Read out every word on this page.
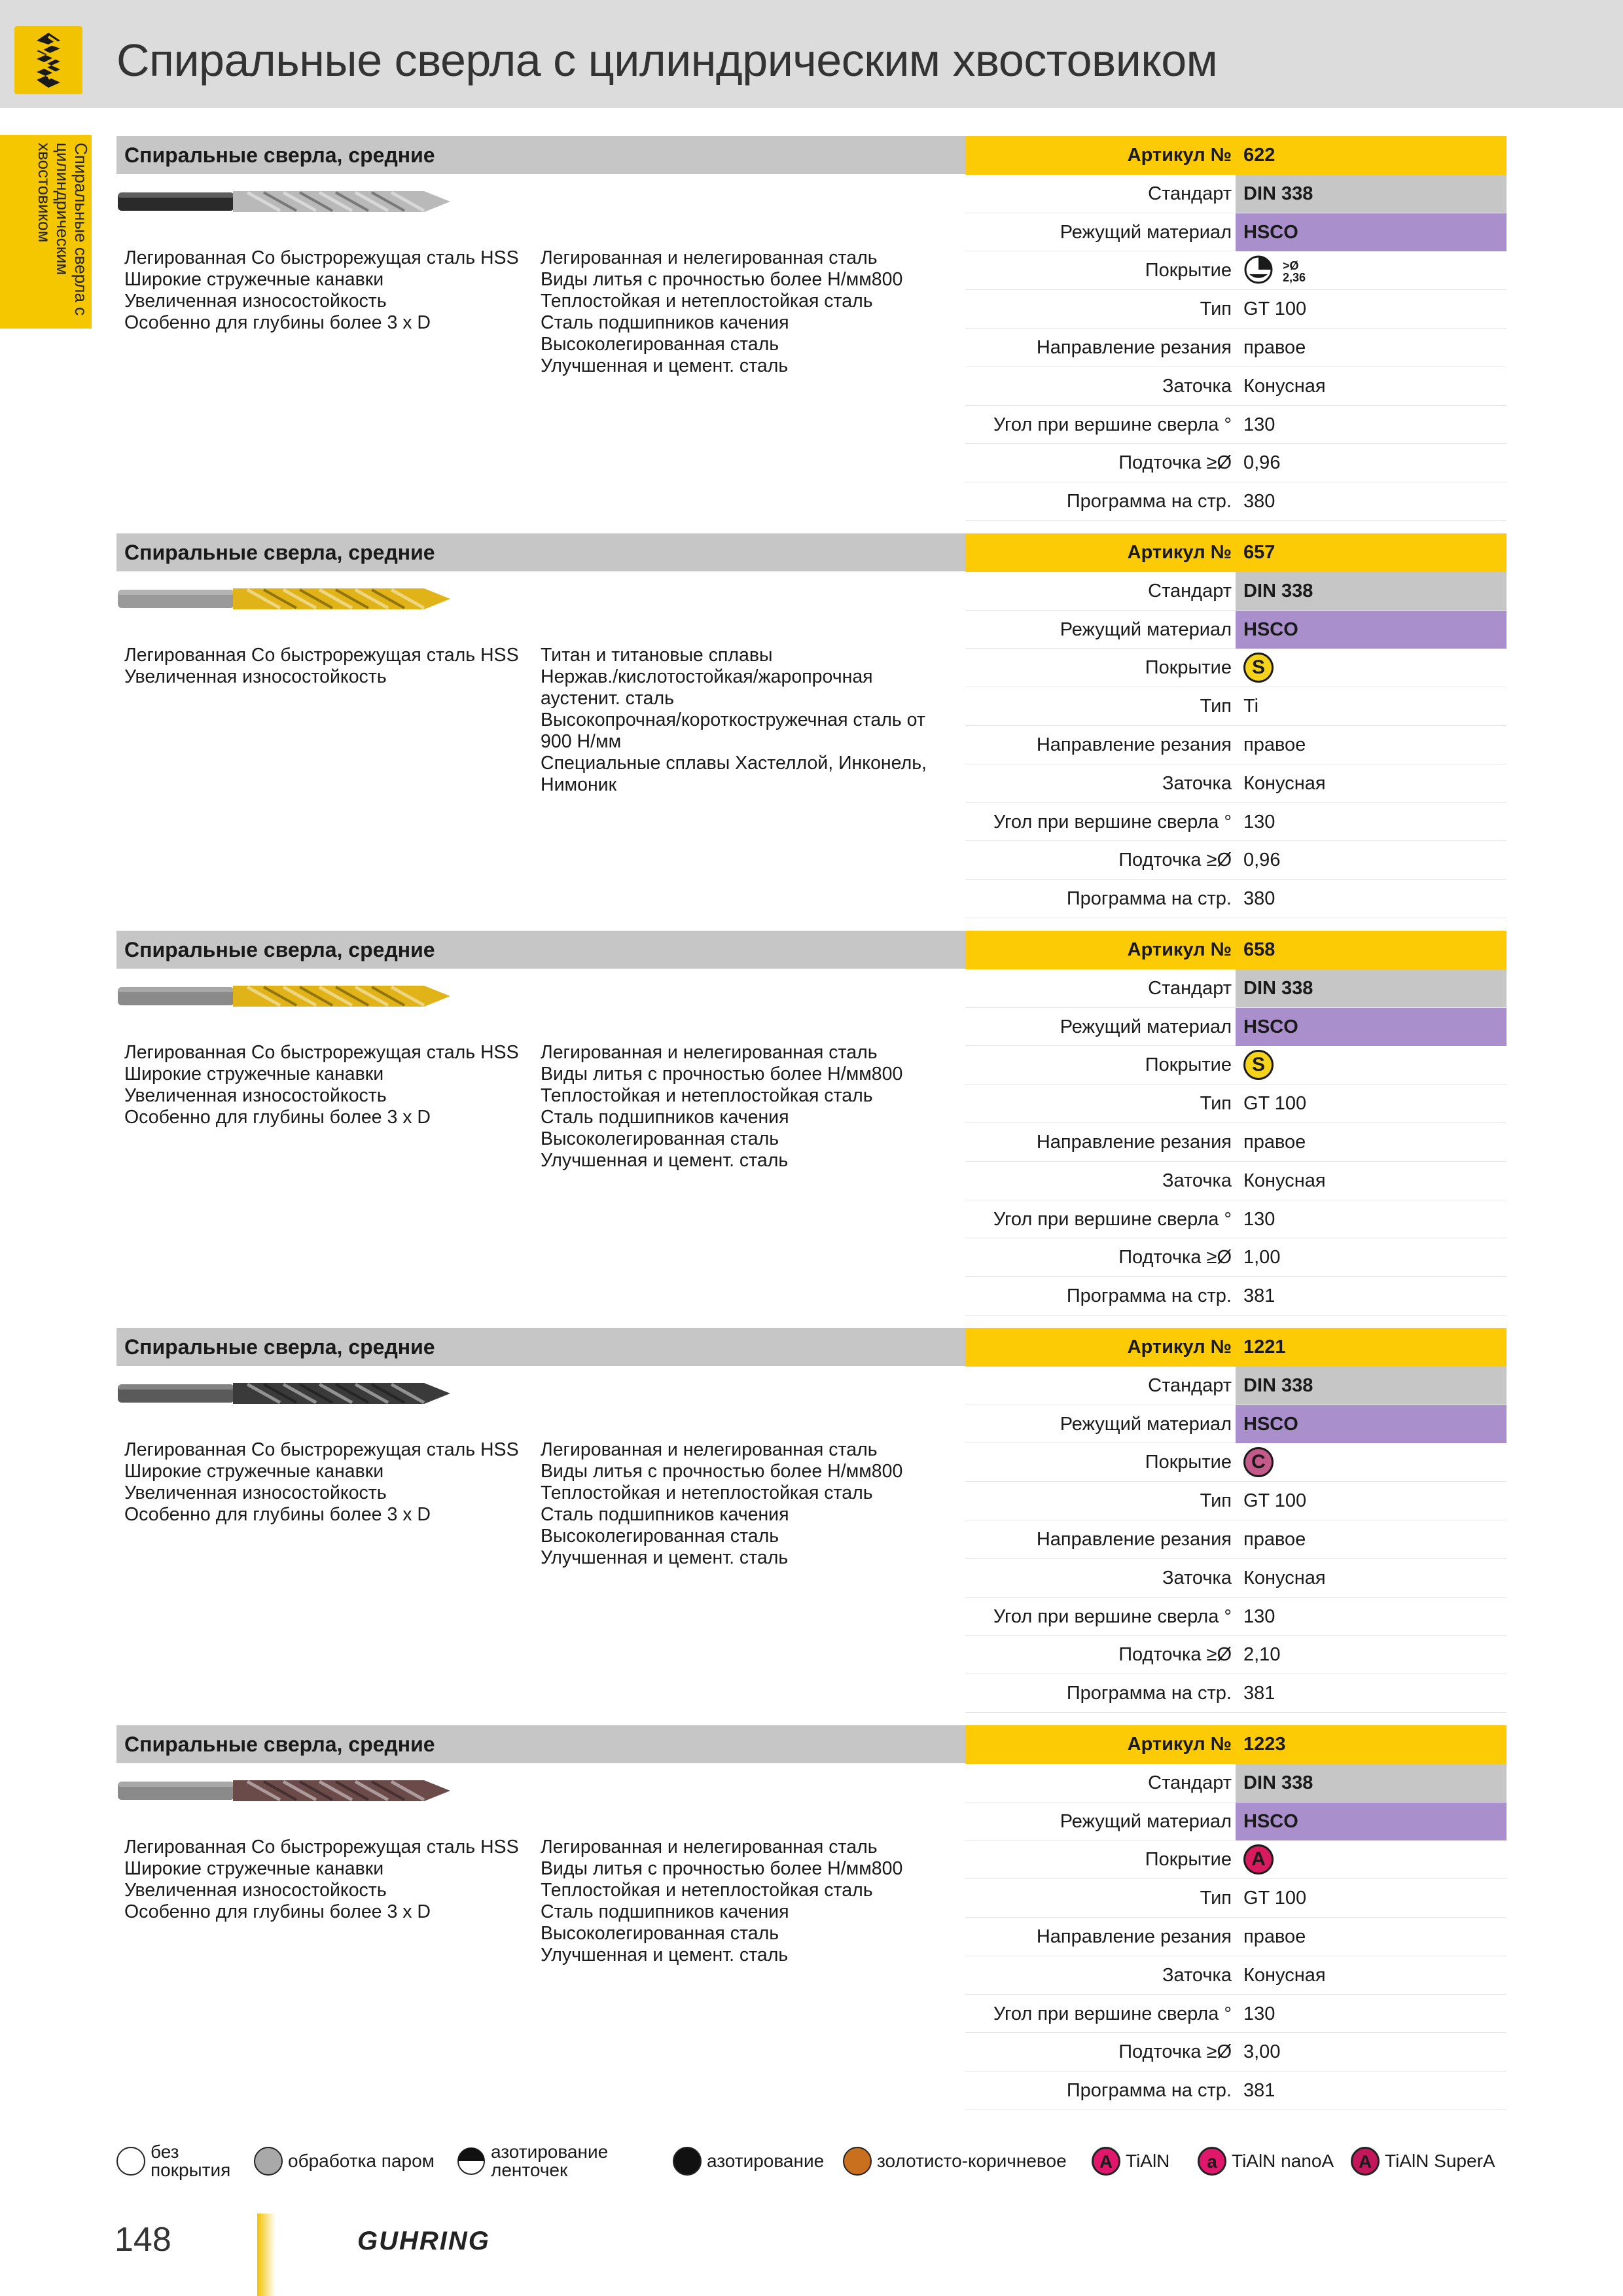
Спиральные сверла с цилиндрическим хвостовиком
Спиральные сверла с цилиндрическим хвостовиком	Спиральные сверла, средние
Легированная Co быстрорежущая сталь HSS
Широкие стружечные канавки
Увеличенная износостойкость
Особенно для глубины более 3 x D
Легированная и нелегированная сталь
Виды литья с прочностью более Н/мм800
Теплостойкая и нетеплостойкая сталь
Сталь подшипников качения
Высоколегированная сталь
Улучшенная и цемент. сталь
Артикул № 622
Стандарт DIN 338
Режущий материал HSCO
Покрытие	>Ø 2,36
Тип GT 100
Направление резания правое
Заточка Конусная
Угол при вершине сверла ° 130
Подточка ≥Ø 0,96
Программа на стр. 380
Спиральные сверла, средние
Легированная Co быстрорежущая сталь HSS
Увеличенная износостойкость
Титан и титановые сплавы
Нержав./кислотостойкая/жаропрочная аустенит. сталь
Высокопрочная/короткостружечная сталь от 900 Н/мм
Специальные сплавы Хастеллой, Инконель, Нимоник
Артикул № 657
Стандарт DIN 338
Режущий материал HSCO
Покрытие	S
Тип Ti
Направление резания правое
Заточка Конусная
Угол при вершине сверла ° 130
Подточка ≥Ø 0,96
Программа на стр. 380
Спиральные сверла, средние
Легированная Co быстрорежущая сталь HSS
Широкие стружечные канавки
Увеличенная износостойкость
Особенно для глубины более 3 x D
Легированная и нелегированная сталь
Виды литья с прочностью более Н/мм800
Теплостойкая и нетеплостойкая сталь
Сталь подшипников качения
Высоколегированная сталь
Улучшенная и цемент. сталь
Артикул № 658
Стандарт DIN 338
Режущий материал HSCO
Покрытие	S
Тип GT 100
Направление резания правое
Заточка Конусная
Угол при вершине сверла ° 130
Подточка ≥Ø 1,00
Программа на стр. 381
Спиральные сверла, средние
Легированная Co быстрорежущая сталь HSS
Широкие стружечные канавки
Увеличенная износостойкость
Особенно для глубины более 3 x D
Легированная и нелегированная сталь
Виды литья с прочностью более Н/мм800
Теплостойкая и нетеплостойкая сталь
Сталь подшипников качения
Высоколегированная сталь
Улучшенная и цемент. сталь
Артикул № 1221
Стандарт DIN 338
Режущий материал HSCO
Покрытие	C
Тип GT 100
Направление резания правое
Заточка Конусная
Угол при вершине сверла ° 130
Подточка ≥Ø 2,10
Программа на стр. 381
Спиральные сверла, средние
Легированная Co быстрорежущая сталь HSS
Широкие стружечные канавки
Увеличенная износостойкость
Особенно для глубины более 3 x D
Легированная и нелегированная сталь
Виды литья с прочностью более Н/мм800
Теплостойкая и нетеплостойкая сталь
Сталь подшипников качения
Высоколегированная сталь
Улучшенная и цемент. сталь
Артикул № 1223
Стандарт DIN 338
Режущий материал HSCO
Покрытие	A
Тип GT 100
Направление резания правое
Заточка Конусная
Угол при вершине сверла ° 130
Подточка ≥Ø 3,00
Программа на стр. 381
без покрытия	обработка паром	азотирование ленточек	азотирование	золотисто-коричневое	A TiAlN	a TiAlN nanoA	A TiAlN SuperA
148	GUHRING
